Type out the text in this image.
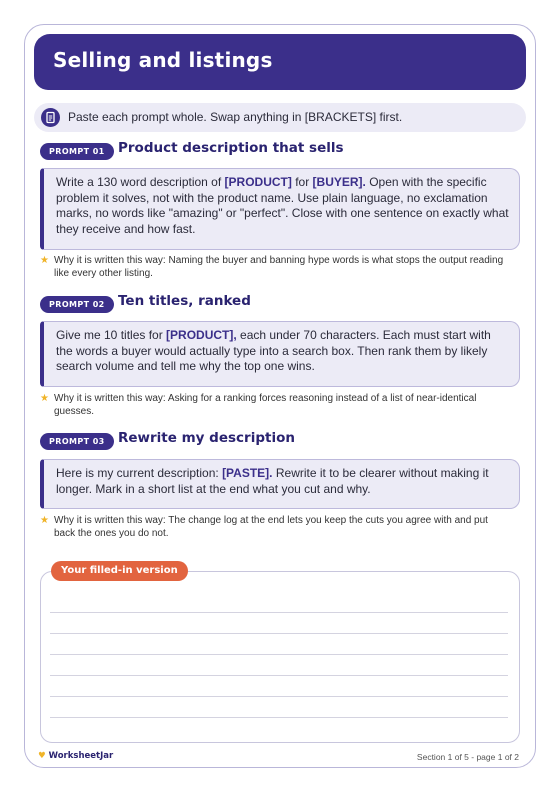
Selling and listings
Paste each prompt whole. Swap anything in [BRACKETS] first.
PROMPT 01 Product description that sells
Write a 130 word description of [PRODUCT] for [BUYER]. Open with the specific problem it solves, not with the product name. Use plain language, no exclamation marks, no words like "amazing" or "perfect". Close with one sentence on exactly what they receive and how fast.
★ Why it is written this way: Naming the buyer and banning hype words is what stops the output reading like every other listing.
PROMPT 02 Ten titles, ranked
Give me 10 titles for [PRODUCT], each under 70 characters. Each must start with the words a buyer would actually type into a search box. Then rank them by likely search volume and tell me why the top one wins.
★ Why it is written this way: Asking for a ranking forces reasoning instead of a list of near-identical guesses.
PROMPT 03 Rewrite my description
Here is my current description: [PASTE]. Rewrite it to be clearer without making it longer. Mark in a short list at the end what you cut and why.
★ Why it is written this way: The change log at the end lets you keep the cuts you agree with and put back the ones you do not.
Your filled-in version
♥ WorksheetJar	Section 1 of 5 - page 1 of 2
